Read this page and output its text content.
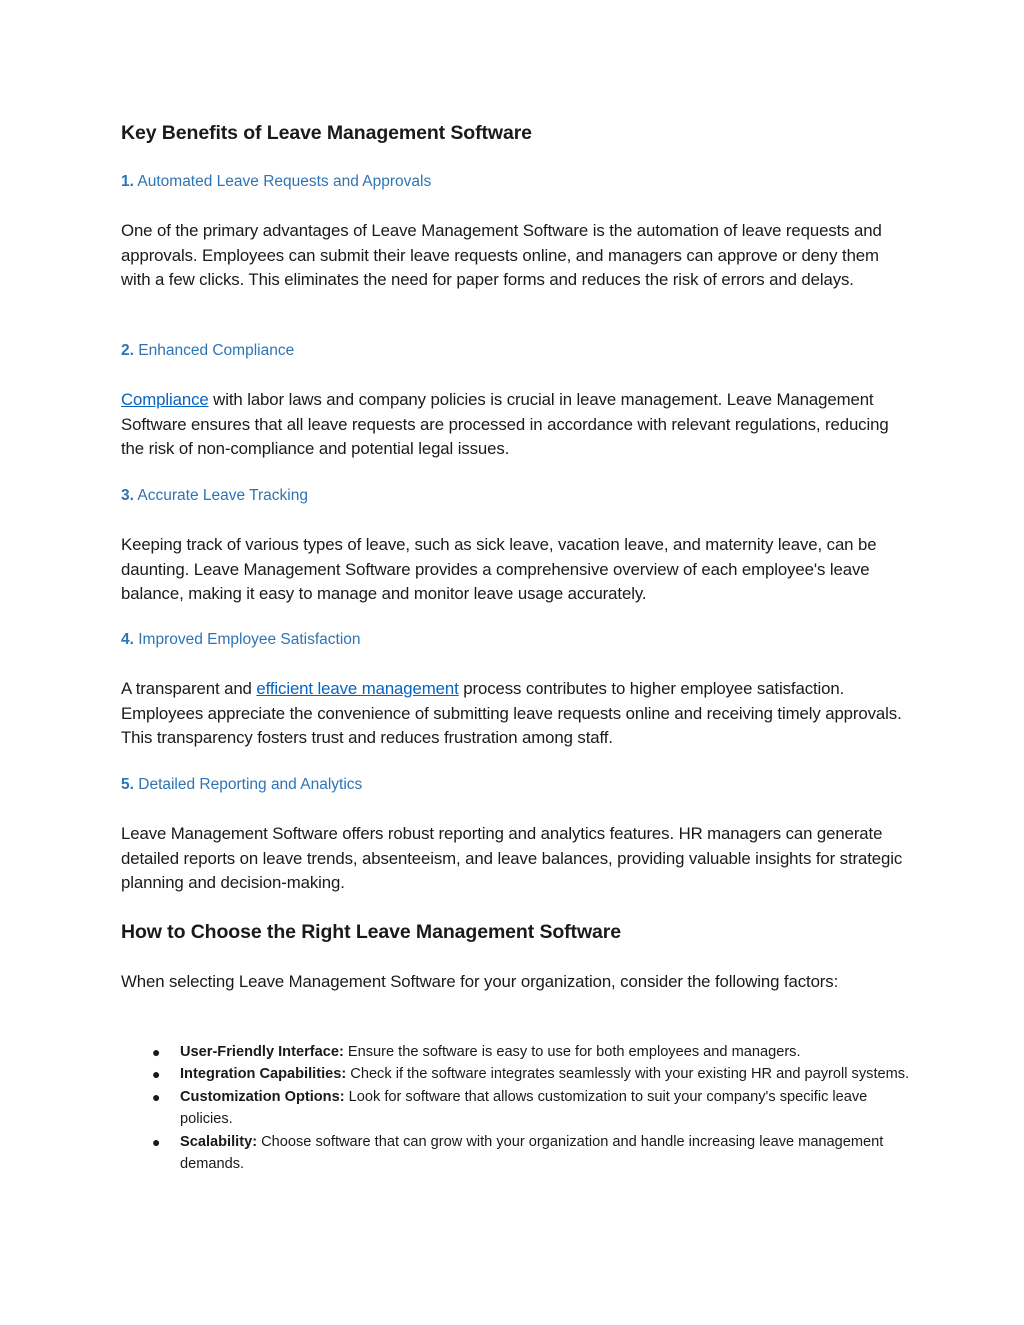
Key Benefits of Leave Management Software
1. Automated Leave Requests and Approvals
One of the primary advantages of Leave Management Software is the automation of leave requests and approvals. Employees can submit their leave requests online, and managers can approve or deny them with a few clicks. This eliminates the need for paper forms and reduces the risk of errors and delays.
2. Enhanced Compliance
Compliance with labor laws and company policies is crucial in leave management. Leave Management Software ensures that all leave requests are processed in accordance with relevant regulations, reducing the risk of non-compliance and potential legal issues.
3. Accurate Leave Tracking
Keeping track of various types of leave, such as sick leave, vacation leave, and maternity leave, can be daunting. Leave Management Software provides a comprehensive overview of each employee's leave balance, making it easy to manage and monitor leave usage accurately.
4. Improved Employee Satisfaction
A transparent and efficient leave management process contributes to higher employee satisfaction. Employees appreciate the convenience of submitting leave requests online and receiving timely approvals. This transparency fosters trust and reduces frustration among staff.
5. Detailed Reporting and Analytics
Leave Management Software offers robust reporting and analytics features. HR managers can generate detailed reports on leave trends, absenteeism, and leave balances, providing valuable insights for strategic planning and decision-making.
How to Choose the Right Leave Management Software
When selecting Leave Management Software for your organization, consider the following factors:
● User-Friendly Interface: Ensure the software is easy to use for both employees and managers.
● Integration Capabilities: Check if the software integrates seamlessly with your existing HR and payroll systems.
● Customization Options: Look for software that allows customization to suit your company's specific leave policies.
● Scalability: Choose software that can grow with your organization and handle increasing leave management demands.
